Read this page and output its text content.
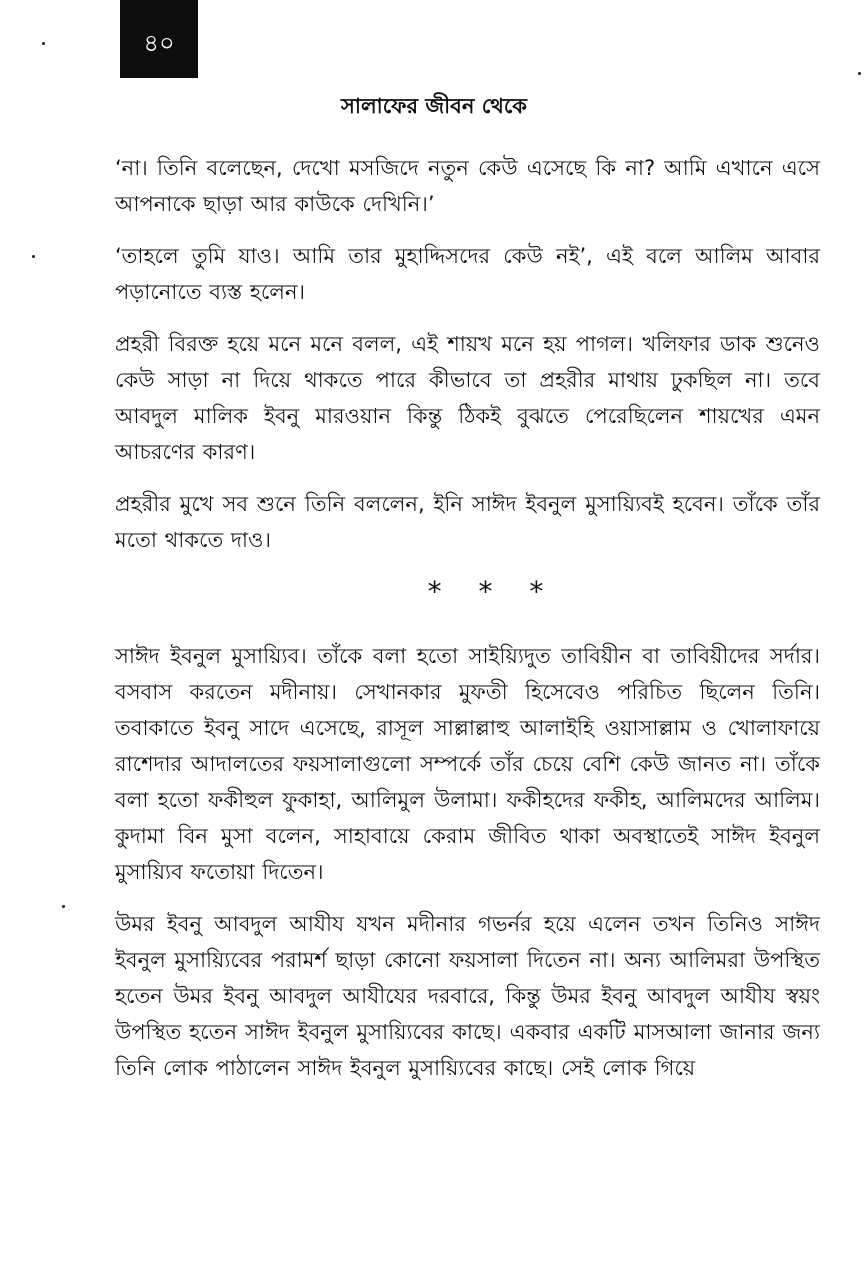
৪০
সালাফের জীবন থেকে

‘না। তিনি বলেছেন, দেখো মসজিদে নতুন কেউ এসেছে কি না? আমি এখানে এসে আপনাকে ছাড়া আর কাউকে দেখিনি।’

‘তাহলে তুমি যাও। আমি তার মুহাদ্দিসদের কেউ নই’, এই বলে আলিম আবার পড়ানোতে ব্যস্ত হলেন।

প্রহরী বিরক্ত হয়ে মনে মনে বলল, এই শায়খ মনে হয় পাগল। খলিফার ডাক শুনেও কেউ সাড়া না দিয়ে থাকতে পারে কীভাবে তা প্রহরীর মাথায় ঢুকছিল না। তবে আবদুল মালিক ইবনু মারওয়ান কিন্তু ঠিকই বুঝতে পেরেছিলেন শায়খের এমন আচরণের কারণ।

প্রহরীর মুখে সব শুনে তিনি বললেন, ইনি সাঈদ ইবনুল মুসায়্যিবই হবেন। তাঁকে তাঁর মতো থাকতে দাও।

* * *

সাঈদ ইবনুল মুসায়্যিব। তাঁকে বলা হতো সাইয়্যিদুত তাবিয়ীন বা তাবিয়ীদের সর্দার। বসবাস করতেন মদীনায়। সেখানকার মুফতী হিসেবেও পরিচিত ছিলেন তিনি। তবাকাতে ইবনু সাদে এসেছে, রাসূল সাল্লাল্লাহু আলাইহি ওয়াসাল্লাম ও খোলাফায়ে রাশেদার আদালতের ফয়সালাগুলো সম্পর্কে তাঁর চেয়ে বেশি কেউ জানত না। তাঁকে বলা হতো ফকীহুল ফুকাহা, আলিমুল উলামা। ফকীহদের ফকীহ, আলিমদের আলিম। কুদামা বিন মুসা বলেন, সাহাবায়ে কেরাম জীবিত থাকা অবস্থাতেই সাঈদ ইবনুল মুসায়্যিব ফতোয়া দিতেন।

উমর ইবনু আবদুল আযীয যখন মদীনার গভর্নর হয়ে এলেন তখন তিনিও সাঈদ ইবনুল মুসায়্যিবের পরামর্শ ছাড়া কোনো ফয়সালা দিতেন না। অন্য আলিমরা উপস্থিত হতেন উমর ইবনু আবদুল আযীযের দরবারে, কিন্তু উমর ইবনু আবদুল আযীয স্বয়ং উপস্থিত হতেন সাঈদ ইবনুল মুসায়্যিবের কাছে। একবার একটি মাসআলা জানার জন্য তিনি লোক পাঠালেন সাঈদ ইবনুল মুসায়্যিবের কাছে। সেই লোক গিয়ে
